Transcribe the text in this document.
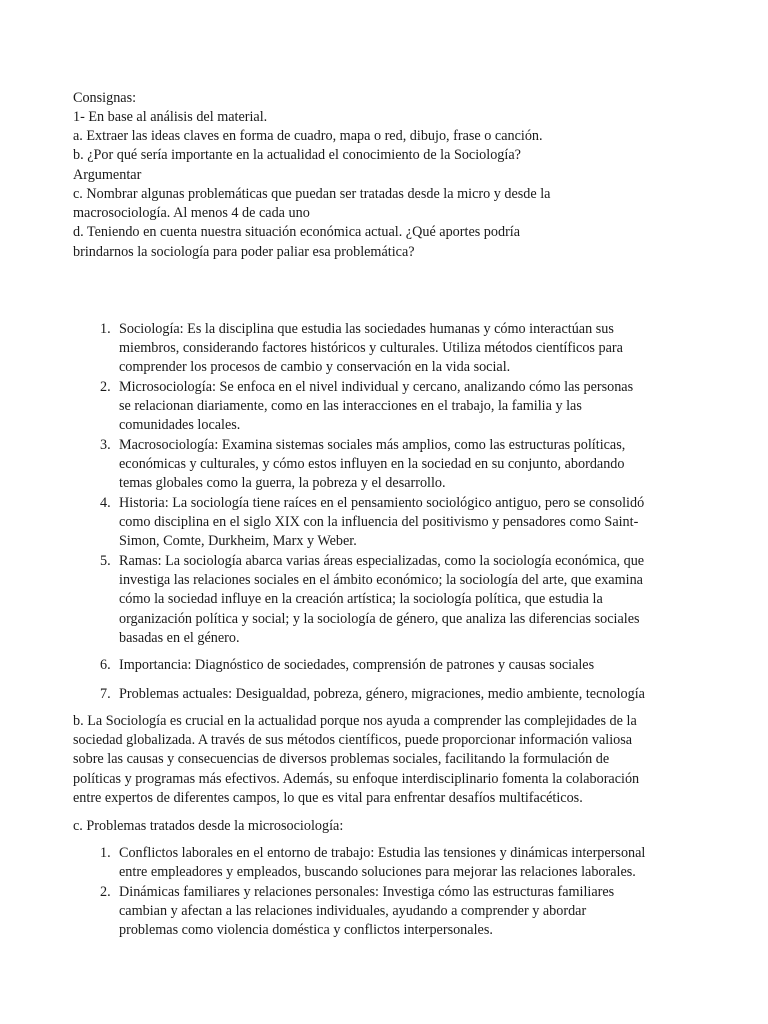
Consignas:
1- En base al análisis del material.
a. Extraer las ideas claves en forma de cuadro, mapa o red, dibujo, frase o canción.
b. ¿Por qué sería importante en la actualidad el conocimiento de la Sociología?
Argumentar
c. Nombrar algunas problemáticas que puedan ser tratadas desde la micro y desde la
macrosociología. Al menos 4 de cada uno
d. Teniendo en cuenta nuestra situación económica actual. ¿Qué aportes podría
brindarnos la sociología para poder paliar esa problemática?
1. Sociología: Es la disciplina que estudia las sociedades humanas y cómo interactúan sus
miembros, considerando factores históricos y culturales. Utiliza métodos científicos para
comprender los procesos de cambio y conservación en la vida social.
2. Microsociología: Se enfoca en el nivel individual y cercano, analizando cómo las personas
se relacionan diariamente, como en las interacciones en el trabajo, la familia y las
comunidades locales.
3. Macrosociología: Examina sistemas sociales más amplios, como las estructuras políticas,
económicas y culturales, y cómo estos influyen en la sociedad en su conjunto, abordando
temas globales como la guerra, la pobreza y el desarrollo.
4. Historia: La sociología tiene raíces en el pensamiento sociológico antiguo, pero se consolidó
como disciplina en el siglo XIX con la influencia del positivismo y pensadores como Saint-
Simon, Comte, Durkheim, Marx y Weber.
5. Ramas: La sociología abarca varias áreas especializadas, como la sociología económica, que
investiga las relaciones sociales en el ámbito económico; la sociología del arte, que examina
cómo la sociedad influye en la creación artística; la sociología política, que estudia la
organización política y social; y la sociología de género, que analiza las diferencias sociales
basadas en el género.
6. Importancia: Diagnóstico de sociedades, comprensión de patrones y causas sociales
7. Problemas actuales: Desigualdad, pobreza, género, migraciones, medio ambiente, tecnología
b. La Sociología es crucial en la actualidad porque nos ayuda a comprender las complejidades de la
sociedad globalizada. A través de sus métodos científicos, puede proporcionar información valiosa
sobre las causas y consecuencias de diversos problemas sociales, facilitando la formulación de
políticas y programas más efectivos. Además, su enfoque interdisciplinario fomenta la colaboración
entre expertos de diferentes campos, lo que es vital para enfrentar desafíos multifacéticos.
c. Problemas tratados desde la microsociología:
1. Conflictos laborales en el entorno de trabajo: Estudia las tensiones y dinámicas interpersonal
entre empleadores y empleados, buscando soluciones para mejorar las relaciones laborales.
2. Dinámicas familiares y relaciones personales: Investiga cómo las estructuras familiares
cambian y afectan a las relaciones individuales, ayudando a comprender y abordar
problemas como violencia doméstica y conflictos interpersonales.
